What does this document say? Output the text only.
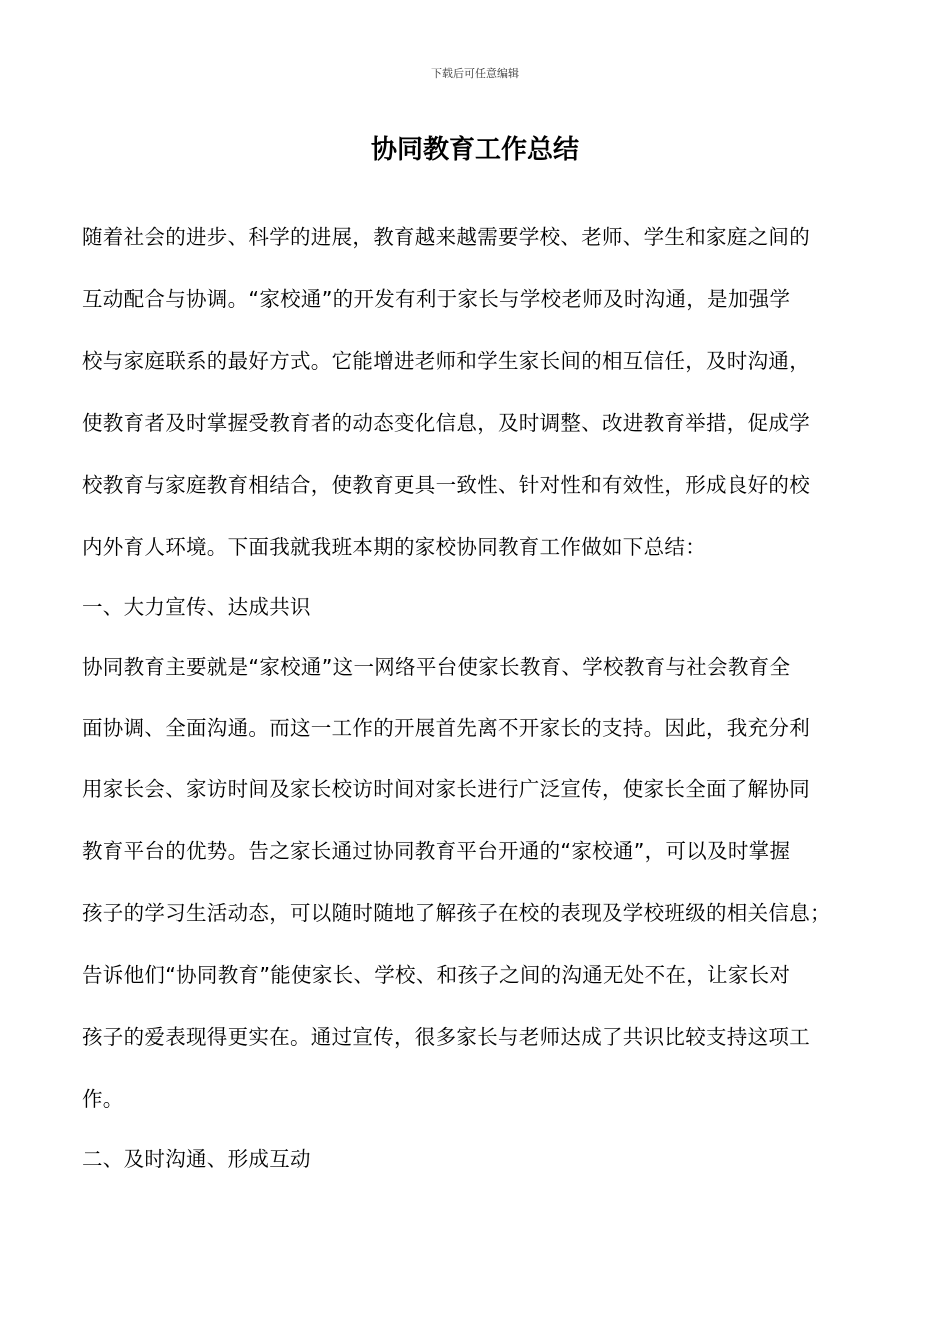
下载后可任意编辑
协同教育工作总结

随着社会的进步、科学的进展，教育越来越需要学校、老师、学生和家庭之间的

互动配合与协调。“家校通”的开发有利于家长与学校老师及时沟通，是加强学

校与家庭联系的最好方式。它能增进老师和学生家长间的相互信任，及时沟通，

使教育者及时掌握受教育者的动态变化信息，及时调整、改进教育举措，促成学

校教育与家庭教育相结合，使教育更具一致性、针对性和有效性，形成良好的校

内外育人环境。下面我就我班本期的家校协同教育工作做如下总结：

一、大力宣传、达成共识

协同教育主要就是“家校通”这一网络平台使家长教育、学校教育与社会教育全

面协调、全面沟通。而这一工作的开展首先离不开家长的支持。因此，我充分利

用家长会、家访时间及家长校访时间对家长进行广泛宣传，使家长全面了解协同

教育平台的优势。告之家长通过协同教育平台开通的“家校通”，可以及时掌握

孩子的学习生活动态，可以随时随地了解孩子在校的表现及学校班级的相关信息；

告诉他们“协同教育”能使家长、学校、和孩子之间的沟通无处不在，让家长对

孩子的爱表现得更实在。通过宣传，很多家长与老师达成了共识比较支持这项工

作。

二、及时沟通、形成互动
